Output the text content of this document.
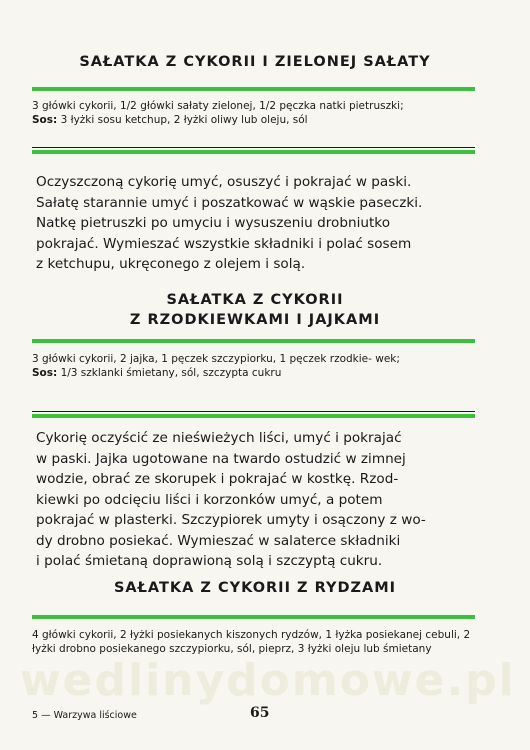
wedlinydomowe.pl
SAŁATKA Z CYKORII I ZIELONEJ SAŁATY
3 główki cykorii, 1/2 główki sałaty zielonej, 1/2 pęczka natki pietruszki;
Sos: 3 łyżki sosu ketchup, 2 łyżki oliwy lub oleju, sól
Oczyszczoną cykorię umyć, osuszyć i pokrajać w paski.
Sałatę starannie umyć i poszatkować w wąskie paseczki.
Natkę pietruszki po umyciu i wysuszeniu drobniutko
pokrajać. Wymieszać wszystkie składniki i polać sosem
z ketchupu, ukręconego z olejem i solą.
SAŁATKA Z CYKORII
Z RZODKIEWKAMI I JAJKAMI
3 główki cykorii, 2 jajka, 1 pęczek szczypiorku, 1 pęczek rzodkie- wek;
Sos: 1/3 szklanki śmietany, sól, szczypta cukru
Cykorię oczyścić ze nieświeżych liści, umyć i pokrajać
w paski. Jajka ugotowane na twardo ostudzić w zimnej
wodzie, obrać ze skorupek i pokrajać w kostkę. Rzod-
kiewki po odcięciu liści i korzonków umyć, a potem
pokrajać w plasterki. Szczypiorek umyty i osączony z wo-
dy drobno posiekać. Wymieszać w salaterce składniki
i polać śmietaną doprawioną solą i szczyptą cukru.
SAŁATKA Z CYKORII Z RYDZAMI
4 główki cykorii, 2 łyżki posiekanych kiszonych rydzów, 1 łyżka posiekanej cebuli, 2 łyżki drobno posiekanego szczypiorku, sól, pieprz, 3 łyżki oleju lub śmietany
5 — Warzywa liściowe	65
